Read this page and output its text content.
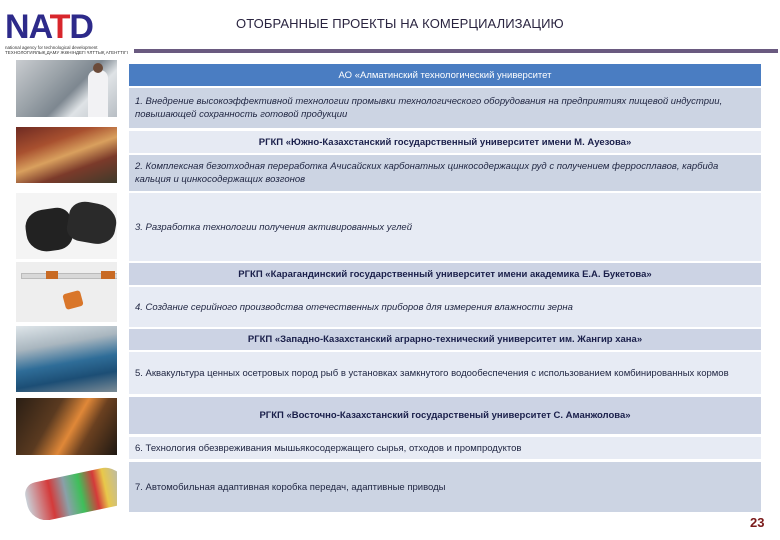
NATD
national agency for technological development
ТЕХНОЛОГИЯЛЫҚ ДАМУ ЖӨНІНДЕГІ ҰЛТТЫҚ АГЕНТТІГІ
ОТОБРАННЫЕ ПРОЕКТЫ НА КОМЕРЦИАЛИЗАЦИЮ
АО «Алматинский технологический университет
1. Внедрение высокоэффективной технологии промывки технологического оборудования на предприятиях пищевой индустрии, повышающей сохранность готовой продукции
РГКП «Южно-Казахстанский государственный университет имени М. Ауезова»
2. Комплексная безотходная переработка Ачисайских карбонатных цинкосодержащих руд с получением ферросплавов, карбида кальция и цинкосодержащих возгонов
3. Разработка технологии получения активированных углей
РГКП «Карагандинский государственный университет имени академика Е.А. Букетова»
4. Создание серийного производства отечественных приборов для измерения влажности зерна
РГКП «Западно-Казахстанский аграрно-технический университет им. Жангир хана»
5. Аквакультура ценных осетровых пород рыб в установках замкнутого водообеспечения с использованием комбинированных кормов
РГКП «Восточно-Казахстанский государственый университет С. Аманжолова»
6. Технология обезвреживания мышьякосодержащего сырья, отходов и промпродуктов
7. Автомобильная адаптивная коробка передач, адаптивные приводы
23
